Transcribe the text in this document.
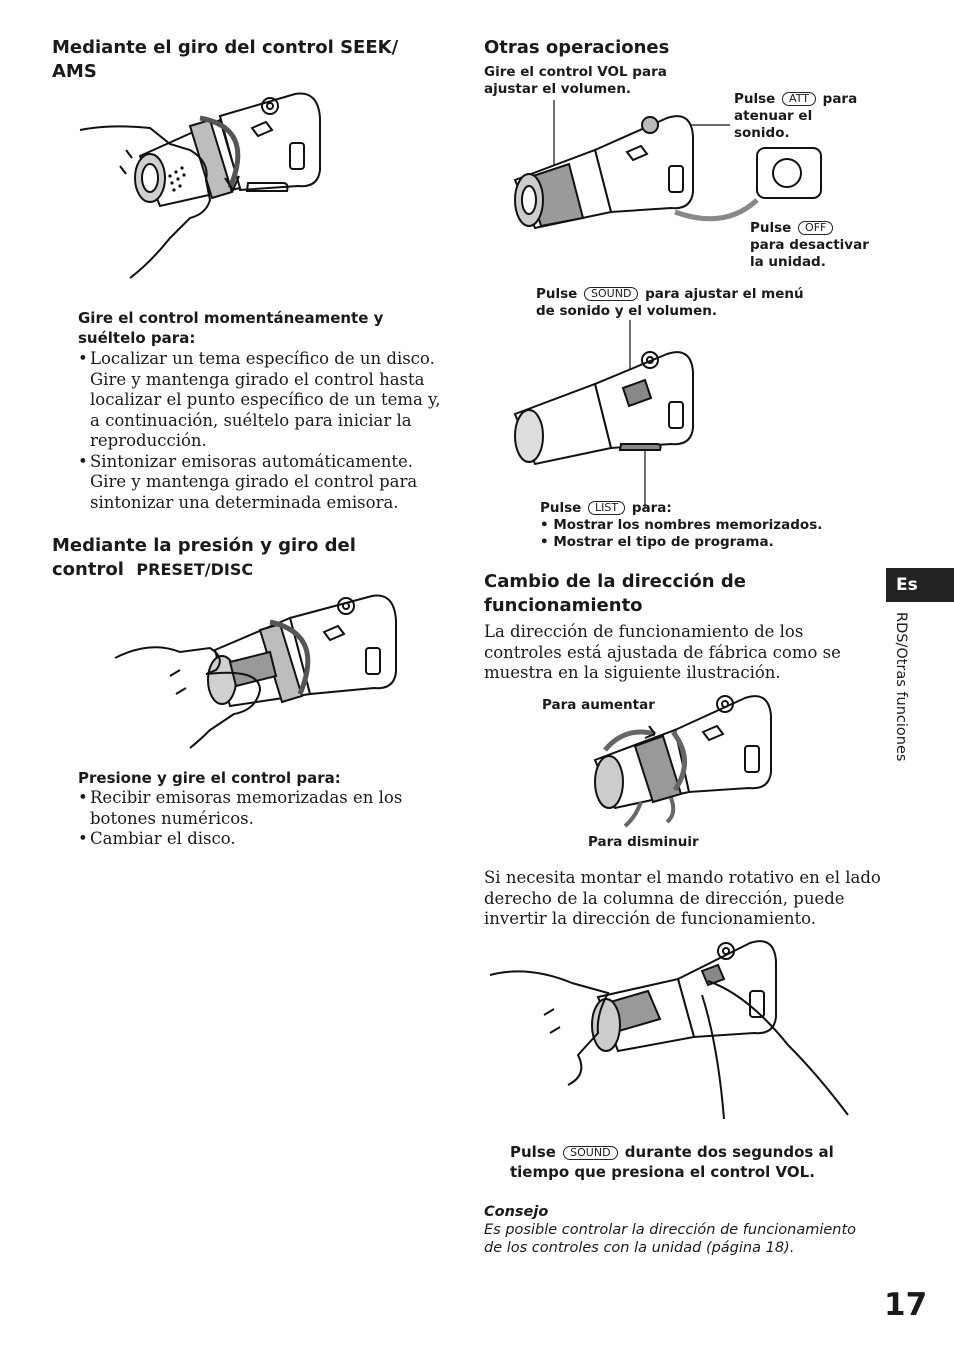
Mediante el giro del control SEEK/
AMS
Gire el control momentáneamente y
suéltelo para:
• Localizar un tema específico de un disco.
Gire y mantenga girado el control hasta
localizar el punto específico de un tema y,
a continuación, suéltelo para iniciar la
reproducción.
• Sintonizar emisoras automáticamente.
Gire y mantenga girado el control para
sintonizar una determinada emisora.
Mediante la presión y giro del
control PRESET/DISC
Presione y gire el control para:
• Recibir emisoras memorizadas en los
botones numéricos.
• Cambiar el disco.
Otras operaciones
Gire el control VOL para
ajustar el volumen.
Pulse ATT para
atenuar el
sonido.
Pulse OFF
para desactivar
la unidad.
Pulse SOUND para ajustar el menú
de sonido y el volumen.
Pulse LIST para:
• Mostrar los nombres memorizados.
• Mostrar el tipo de programa.
Cambio de la dirección de
funcionamiento
La dirección de funcionamiento de los
controles está ajustada de fábrica como se
muestra en la siguiente ilustración.
Para aumentar
Para disminuir
Si necesita montar el mando rotativo en el lado
derecho de la columna de dirección, puede
invertir la dirección de funcionamiento.
Pulse SOUND durante dos segundos al
tiempo que presiona el control VOL.
Consejo
Es posible controlar la dirección de funcionamiento
de los controles con la unidad (página 18).
Es
RDS/Otras funciones
17
